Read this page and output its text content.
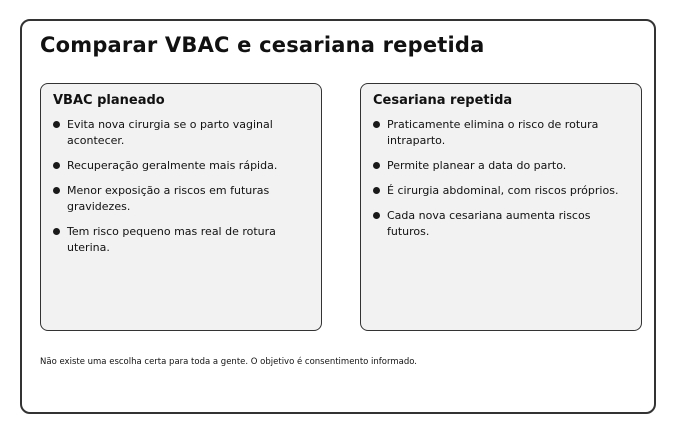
Comparar VBAC e cesariana repetida
VBAC planeado
Evita nova cirurgia se o parto vaginal acontecer.
Recuperação geralmente mais rápida.
Menor exposição a riscos em futuras gravidezes.
Tem risco pequeno mas real de rotura uterina.
Cesariana repetida
Praticamente elimina o risco de rotura intraparto.
Permite planear a data do parto.
É cirurgia abdominal, com riscos próprios.
Cada nova cesariana aumenta riscos futuros.

Não existe uma escolha certa para toda a gente. O objetivo é consentimento informado.
